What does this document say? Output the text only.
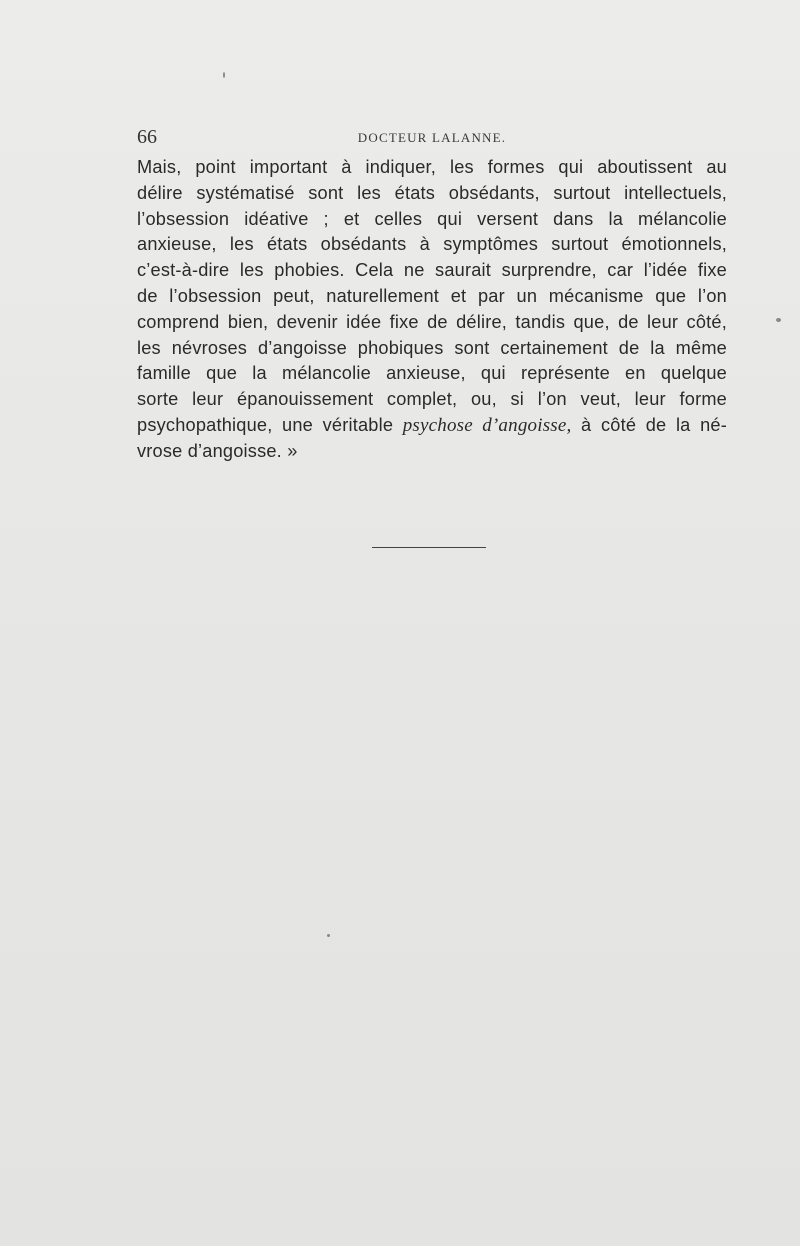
66	DOCTEUR LALANNE.
Mais, point important à indiquer, les formes qui aboutissent au
délire systématisé sont les états obsédants, surtout intellectuels,
l’obsession idéative ; et celles qui versent dans la mélancolie
anxieuse, les états obsédants à symptômes surtout émotionnels,
c’est-à-dire les phobies. Cela ne saurait surprendre, car l’idée fixe
de l’obsession peut, naturellement et par un mécanisme que l’on
comprend bien, devenir idée fixe de délire, tandis que, de leur côté,
les névroses d’angoisse phobiques sont certainement de la même
famille que la mélancolie anxieuse, qui représente en quelque
sorte leur épanouissement complet, ou, si l’on veut, leur forme
psychopathique, une véritable psychose d’angoisse, à côté de la né-
vrose d’angoisse. »
